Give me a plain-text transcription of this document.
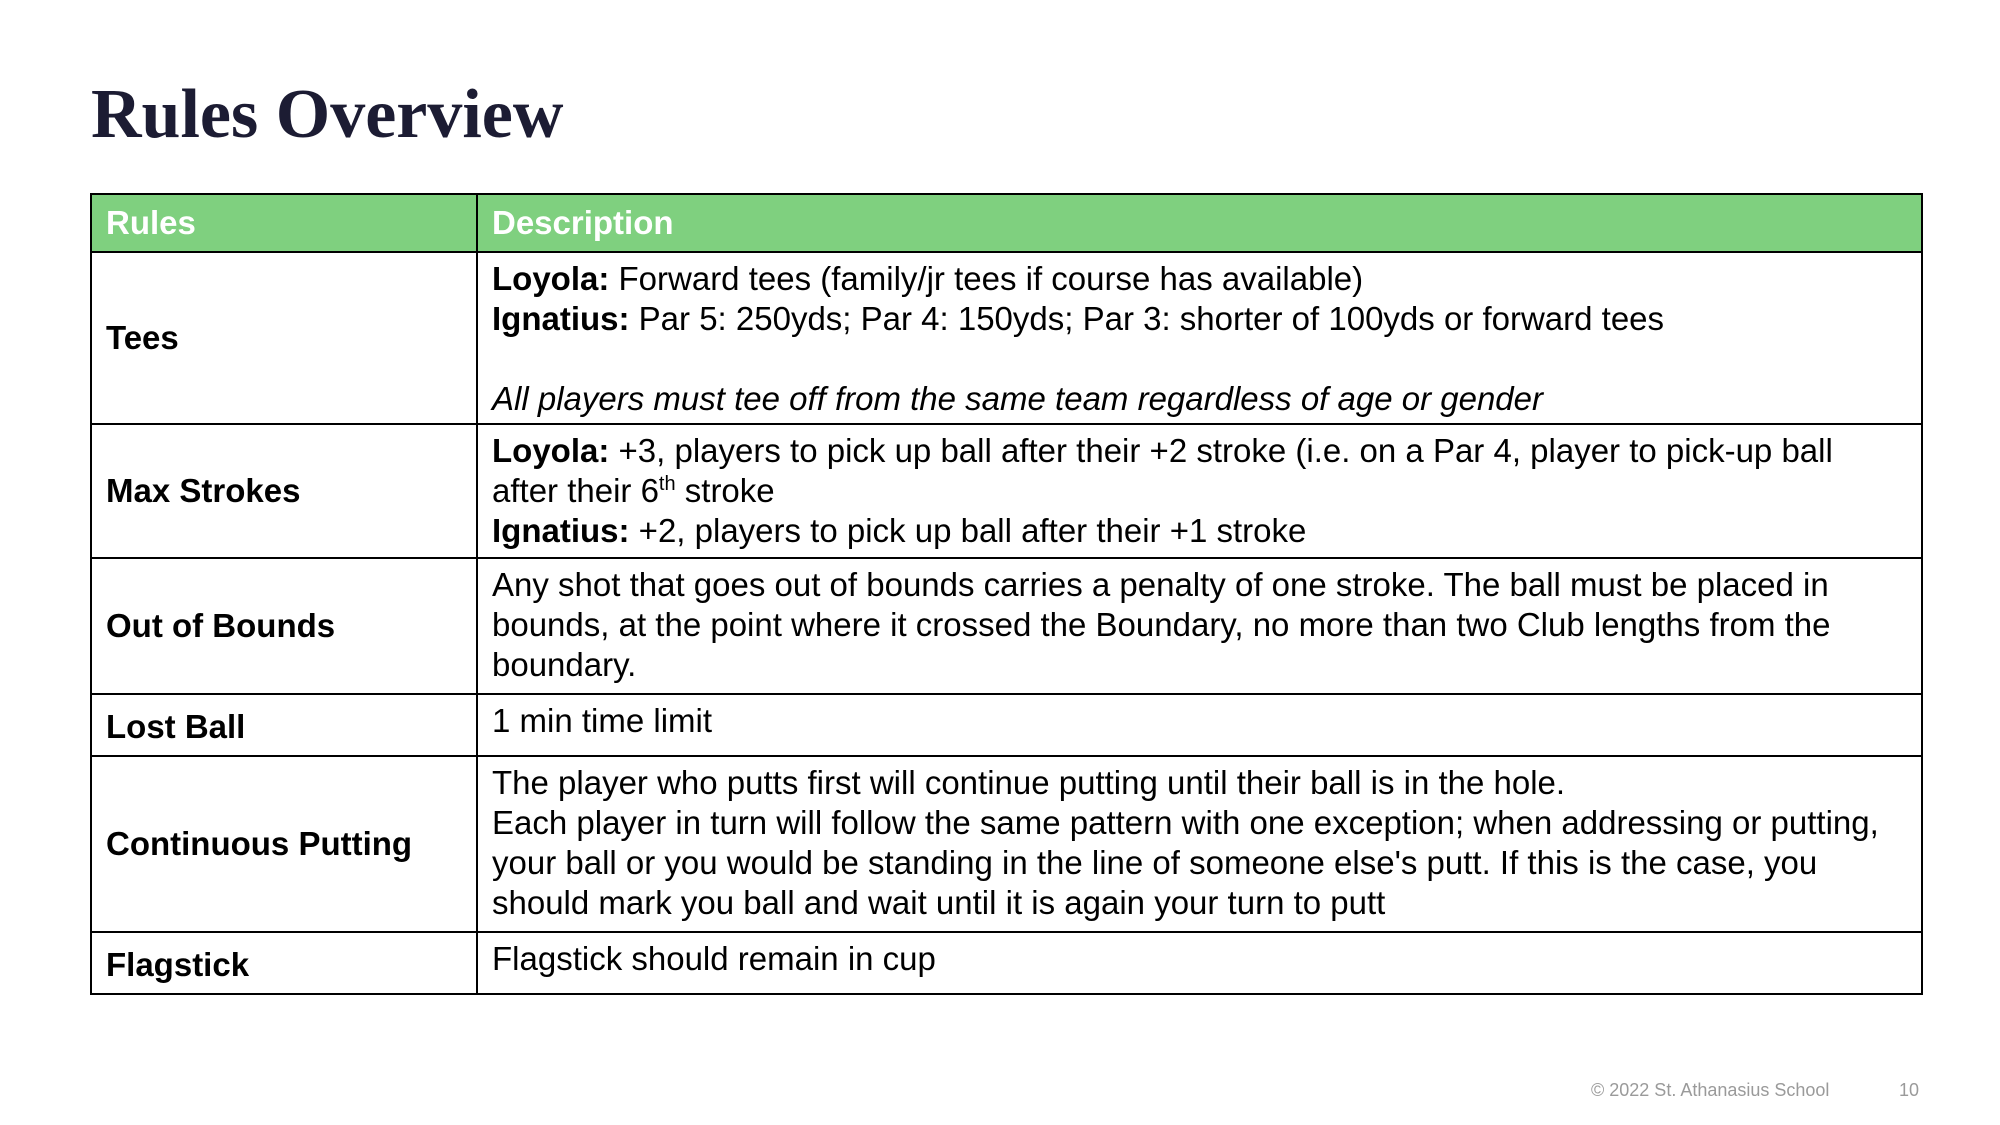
Rules Overview
Rules	Description
Tees	Loyola: Forward tees (family/jr tees if course has available)
Ignatius: Par 5: 250yds; Par 4: 150yds; Par 3: shorter of 100yds or forward tees
All players must tee off from the same team regardless of age or gender

Max Strokes	Loyola: +3, players to pick up ball after their +2 stroke (i.e. on a Par 4, player to pick-up ball
after their 6th stroke
Ignatius: +2, players to pick up ball after their +1 stroke

Out of Bounds	Any shot that goes out of bounds carries a penalty of one stroke. The ball must be placed in
bounds, at the point where it crossed the Boundary, no more than two Club lengths from the
boundary.

Lost Ball	1 min time limit
Continuous Putting	The player who putts first will continue putting until their ball is in the hole.
Each player in turn will follow the same pattern with one exception; when addressing or putting,
your ball or you would be standing in the line of someone else's putt. If this is the case, you
should mark you ball and wait until it is again your turn to putt

Flagstick	Flagstick should remain in cup
© 2022 St. Athanasius School	10
